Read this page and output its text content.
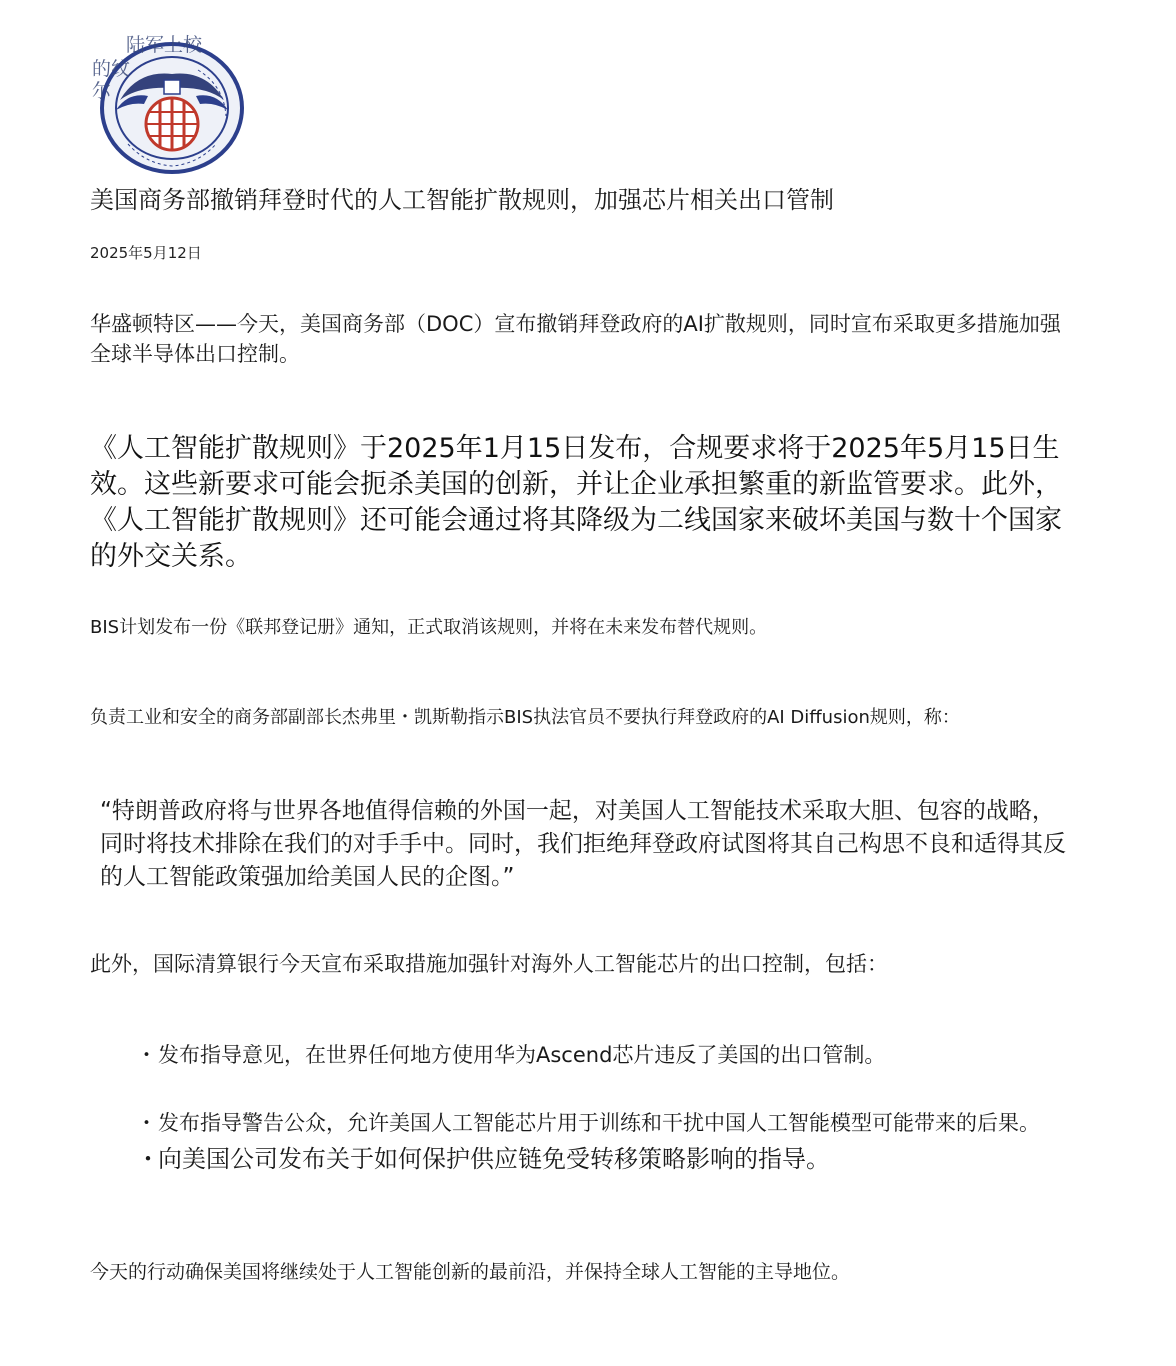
陆军上校
的纹
尔
美国商务部撤销拜登时代的人工智能扩散规则，加强芯片相关出口管制
2025年5月12日

华盛顿特区——今天，美国商务部（DOC）宣布撤销拜登政府的AI扩散规则，同时宣布采取更多措施加强全球半导体出口控制。

《人工智能扩散规则》于2025年1月15日发布，合规要求将于2025年5月15日生效。这些新要求可能会扼杀美国的创新，并让企业承担繁重的新监管要求。此外，《人工智能扩散规则》还可能会通过将其降级为二线国家来破坏美国与数十个国家的外交关系。

BIS计划发布一份《联邦登记册》通知，正式取消该规则，并将在未来发布替代规则。

负责工业和安全的商务部副部长杰弗里・凯斯勒指示BIS执法官员不要执行拜登政府的AI Diffusion规则，称：

“特朗普政府将与世界各地值得信赖的外国一起，对美国人工智能技术采取大胆、包容的战略，同时将技术排除在我们的对手手中。同时，我们拒绝拜登政府试图将其自己构思不良和适得其反的人工智能政策强加给美国人民的企图。”

此外，国际清算银行今天宣布采取措施加强针对海外人工智能芯片的出口控制，包括：

・ 发布指导意见，在世界任何地方使用华为Ascend芯片违反了美国的出口管制。
・ 发布指导警告公众，允许美国人工智能芯片用于训练和干扰中国人工智能模型可能带来的后果。
・
向美国公司发布关于如何保护供应链免受转移策略影响的指导。

今天的行动确保美国将继续处于人工智能创新的最前沿，并保持全球人工智能的主导地位。
